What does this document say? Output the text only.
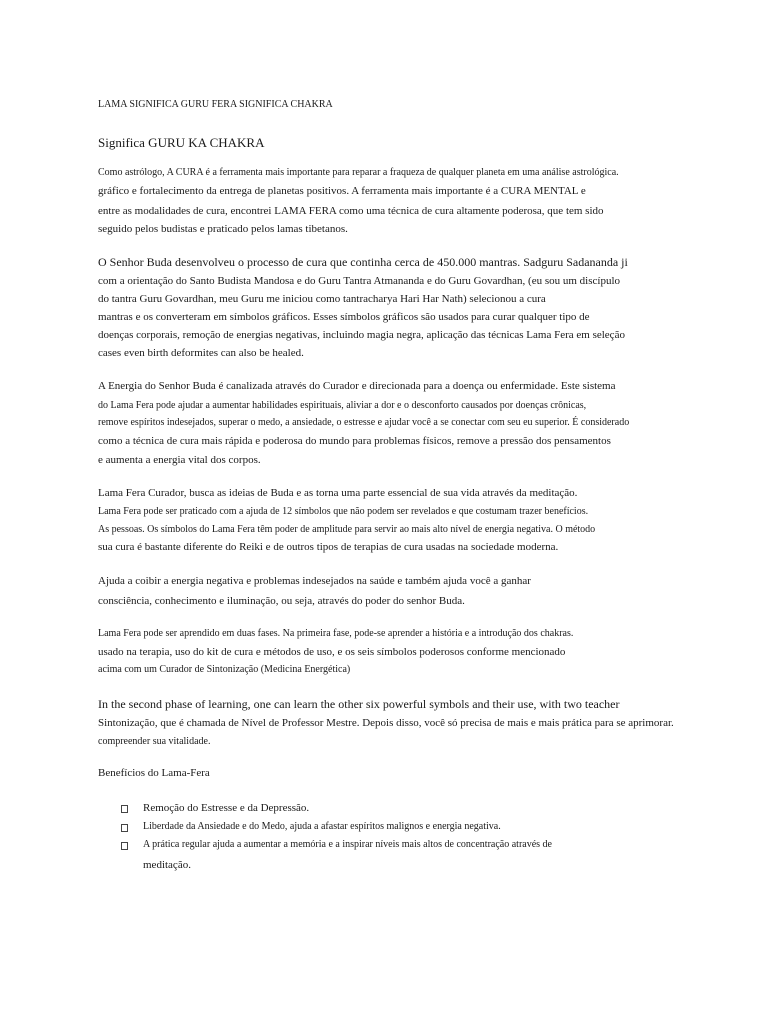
LAMA SIGNIFICA GURU FERA SIGNIFICA CHAKRA
Significa GURU KA CHAKRA
Como astrólogo, A CURA é a ferramenta mais importante para reparar a fraqueza de qualquer planeta em uma análise astrológica.
gráfico e fortalecimento da entrega de planetas positivos. A ferramenta mais importante é a CURA MENTAL e
entre as modalidades de cura, encontrei LAMA FERA como uma técnica de cura altamente poderosa, que tem sido
seguido pelos budistas e praticado pelos lamas tibetanos.
O Senhor Buda desenvolveu o processo de cura que continha cerca de 450.000 mantras. Sadguru Sadananda ji
com a orientação do Santo Budista Mandosa e do Guru Tantra Atmananda e do Guru Govardhan, (eu sou um discípulo
do tantra Guru Govardhan, meu Guru me iniciou como tantracharya Hari Har Nath) selecionou a cura
mantras e os converteram em símbolos gráficos. Esses símbolos gráficos são usados para curar qualquer tipo de
doenças corporais, remoção de energias negativas, incluindo magia negra, aplicação das técnicas Lama Fera em seleção
cases even birth deformites can also be healed.
A Energia do Senhor Buda é canalizada através do Curador e direcionada para a doença ou enfermidade. Este sistema
do Lama Fera pode ajudar a aumentar habilidades espirituais, aliviar a dor e o desconforto causados por doenças crônicas,
remove espíritos indesejados, superar o medo, a ansiedade, o estresse e ajudar você a se conectar com seu eu superior. É considerado
como a técnica de cura mais rápida e poderosa do mundo para problemas físicos, remove a pressão dos pensamentos
e aumenta a energia vital dos corpos.
Lama Fera Curador, busca as ideias de Buda e as torna uma parte essencial de sua vida através da meditação.
Lama Fera pode ser praticado com a ajuda de 12 símbolos que não podem ser revelados e que costumam trazer benefícios.
As pessoas. Os símbolos do Lama Fera têm poder de amplitude para servir ao mais alto nível de energia negativa. O método
sua cura é bastante diferente do Reiki e de outros tipos de terapias de cura usadas na sociedade moderna.
Ajuda a coibir a energia negativa e problemas indesejados na saúde e também ajuda você a ganhar
consciência, conhecimento e iluminação, ou seja, através do poder do senhor Buda.
Lama Fera pode ser aprendido em duas fases. Na primeira fase, pode-se aprender a história e a introdução dos chakras.
usado na terapia, uso do kit de cura e métodos de uso, e os seis símbolos poderosos conforme mencionado
acima com um Curador de Sintonização (Medicina Energética)
In the second phase of learning, one can learn the other six powerful symbols and their use, with two teacher
Sintonização, que é chamada de Nível de Professor Mestre. Depois disso, você só precisa de mais e mais prática para se aprimorar.
compreender sua vitalidade.
Benefícios do Lama-Fera
Remoção do Estresse e da Depressão.
Liberdade da Ansiedade e do Medo, ajuda a afastar espíritos malignos e energia negativa.
A prática regular ajuda a aumentar a memória e a inspirar níveis mais altos de concentração através de
meditação.
